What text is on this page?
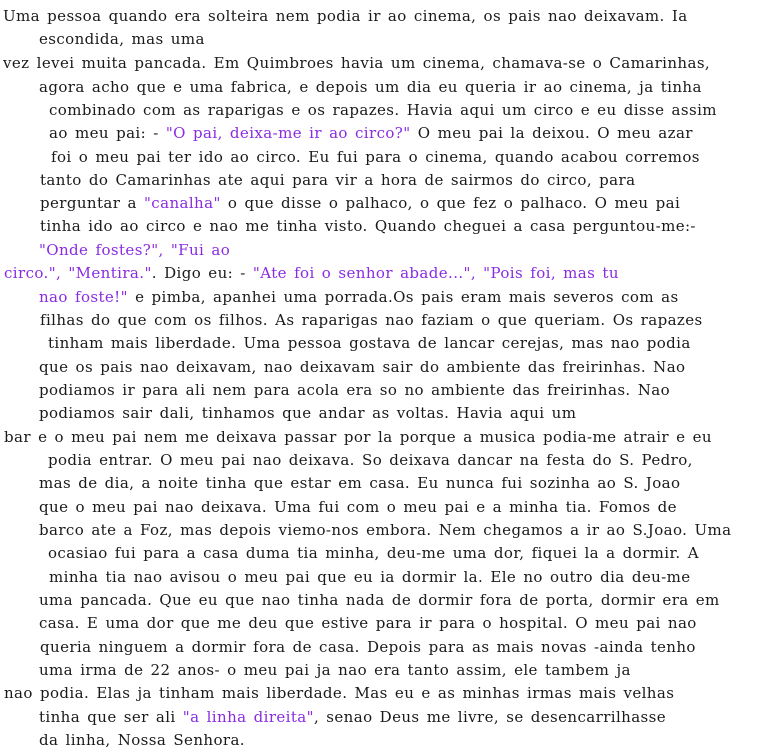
Uma pessoa quando era solteira nem podia ir ao cinema, os pais nao deixavam. Ia
escondida, mas uma
vez levei muita pancada. Em Quimbroes havia um cinema, chamava-se o Camarinhas,
agora acho que e uma fabrica, e depois um dia eu queria ir ao cinema, ja tinha
combinado com as raparigas e os rapazes. Havia aqui um circo e eu disse assim
ao meu pai: - "O pai, deixa-me ir ao circo?" O meu pai la deixou. O meu azar
foi o meu pai ter ido ao circo. Eu fui para o cinema, quando acabou corremos
tanto do Camarinhas ate aqui para vir a hora de sairmos do circo, para
perguntar a "canalha" o que disse o palhaco, o que fez o palhaco. O meu pai
tinha ido ao circo e nao me tinha visto. Quando cheguei a casa perguntou-me:-
"Onde fostes?", "Fui ao
circo.", "Mentira.". Digo eu: - "Ate foi o senhor abade...", "Pois foi, mas tu
nao foste!" e pimba, apanhei uma porrada.Os pais eram mais severos com as
filhas do que com os filhos. As raparigas nao faziam o que queriam. Os rapazes
tinham mais liberdade. Uma pessoa gostava de lancar cerejas, mas nao podia
que os pais nao deixavam, nao deixavam sair do ambiente das freirinhas. Nao
podiamos ir para ali nem para acola era so no ambiente das freirinhas. Nao
podiamos sair dali, tinhamos que andar as voltas. Havia aqui um
bar e o meu pai nem me deixava passar por la porque a musica podia-me atrair e eu
podia entrar. O meu pai nao deixava. So deixava dancar na festa do S. Pedro,
mas de dia, a noite tinha que estar em casa. Eu nunca fui sozinha ao S. Joao
que o meu pai nao deixava. Uma fui com o meu pai e a minha tia. Fomos de
barco ate a Foz, mas depois viemo-nos embora. Nem chegamos a ir ao S.Joao. Uma
ocasiao fui para a casa duma tia minha, deu-me uma dor, fiquei la a dormir. A
minha tia nao avisou o meu pai que eu ia dormir la. Ele no outro dia deu-me
uma pancada. Que eu que nao tinha nada de dormir fora de porta, dormir era em
casa. E uma dor que me deu que estive para ir para o hospital. O meu pai nao
queria ninguem a dormir fora de casa. Depois para as mais novas -ainda tenho
uma irma de 22 anos- o meu pai ja nao era tanto assim, ele tambem ja
nao podia. Elas ja tinham mais liberdade. Mas eu e as minhas irmas mais velhas
tinha que ser ali "a linha direita", senao Deus me livre, se desencarrilhasse
da linha, Nossa Senhora.
